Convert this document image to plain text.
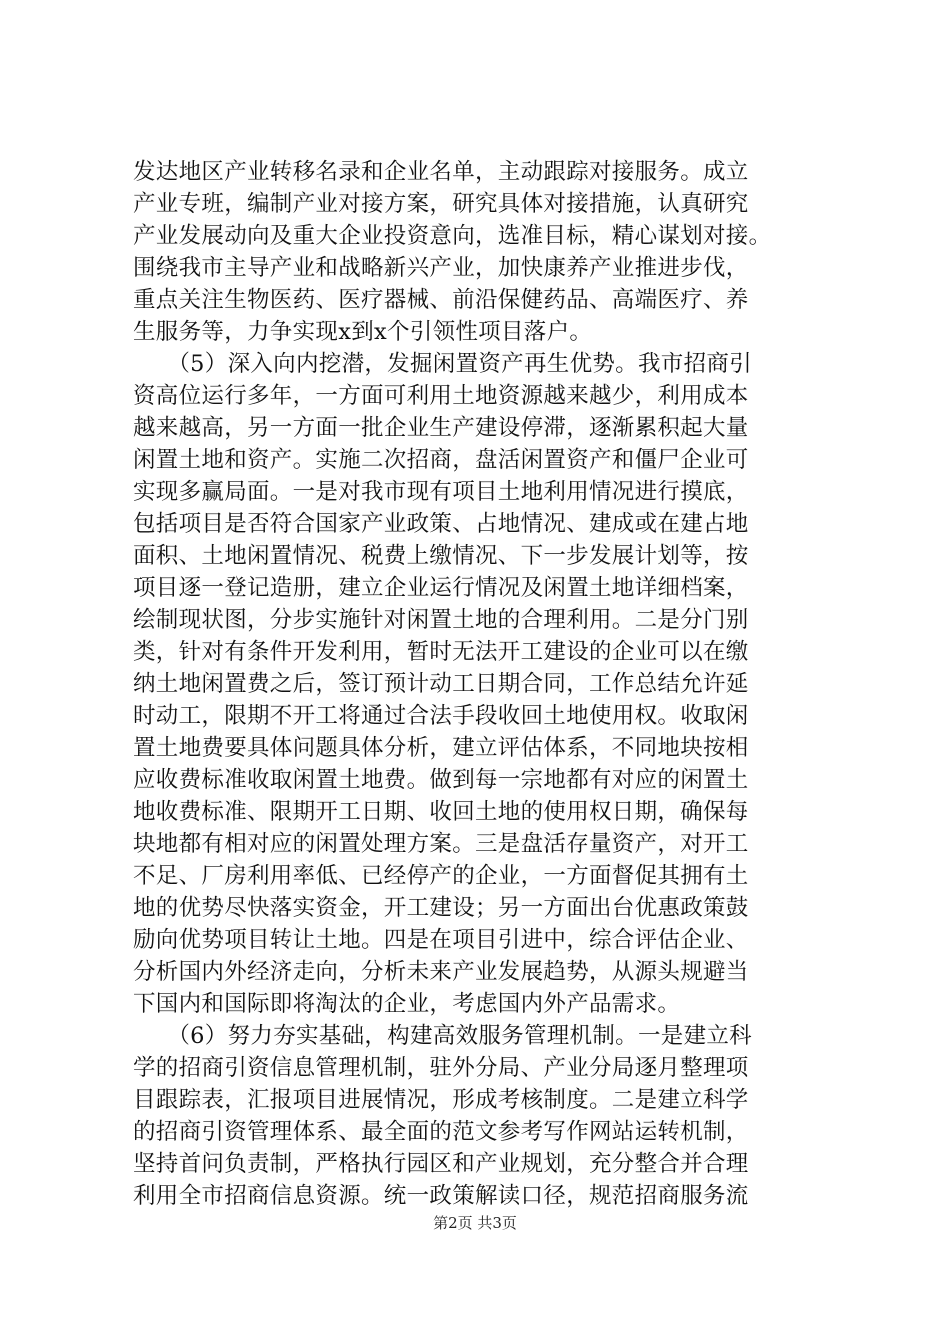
发达地区产业转移名录和企业名单，主动跟踪对接服务。成立
产业专班，编制产业对接方案，研究具体对接措施，认真研究
产业发展动向及重大企业投资意向，选准目标，精心谋划对接。
围绕我市主导产业和战略新兴产业，加快康养产业推进步伐，
重点关注生物医药、医疗器械、前沿保健药品、高端医疗、养
生服务等，力争实现x到x个引领性项目落户。
　　（5）深入向内挖潜，发掘闲置资产再生优势。我市招商引
资高位运行多年，一方面可利用土地资源越来越少，利用成本
越来越高，另一方面一批企业生产建设停滞，逐渐累积起大量
闲置土地和资产。实施二次招商，盘活闲置资产和僵尸企业可
实现多赢局面。一是对我市现有项目土地利用情况进行摸底，
包括项目是否符合国家产业政策、占地情况、建成或在建占地
面积、土地闲置情况、税费上缴情况、下一步发展计划等，按
项目逐一登记造册，建立企业运行情况及闲置土地详细档案，
绘制现状图，分步实施针对闲置土地的合理利用。二是分门别
类，针对有条件开发利用，暂时无法开工建设的企业可以在缴
纳土地闲置费之后，签订预计动工日期合同，工作总结允许延
时动工，限期不开工将通过合法手段收回土地使用权。收取闲
置土地费要具体问题具体分析，建立评估体系，不同地块按相
应收费标准收取闲置土地费。做到每一宗地都有对应的闲置土
地收费标准、限期开工日期、收回土地的使用权日期，确保每
块地都有相对应的闲置处理方案。三是盘活存量资产，对开工
不足、厂房利用率低、已经停产的企业，一方面督促其拥有土
地的优势尽快落实资金，开工建设；另一方面出台优惠政策鼓
励向优势项目转让土地。四是在项目引进中，综合评估企业、
分析国内外经济走向，分析未来产业发展趋势，从源头规避当
下国内和国际即将淘汰的企业，考虑国内外产品需求。
　　（6）努力夯实基础，构建高效服务管理机制。一是建立科
学的招商引资信息管理机制，驻外分局、产业分局逐月整理项
目跟踪表，汇报项目进展情况，形成考核制度。二是建立科学
的招商引资管理体系、最全面的范文参考写作网站运转机制，
坚持首问负责制，严格执行园区和产业规划，充分整合并合理
利用全市招商信息资源。统一政策解读口径，规范招商服务流
第2页 共3页
